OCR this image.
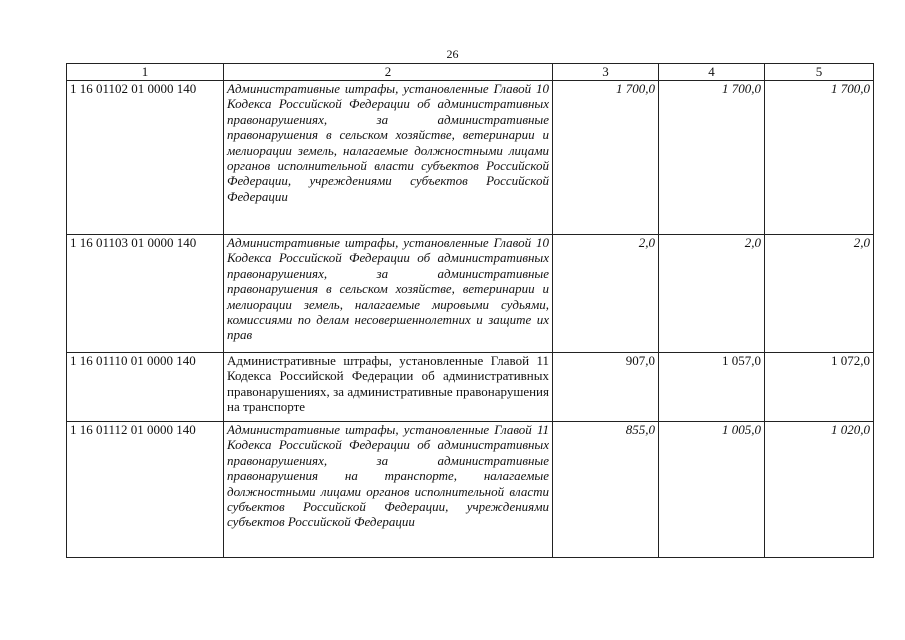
26
1	2	3	4	5
1 16 01102 01 0000 140	Административные штрафы, установленные Главой 10 Кодекса Российской Федерации об административных правонарушениях, за административные правонарушения в сельском хозяйстве, ветеринарии и мелиорации земель, налагаемые должностными лицами органов исполнительной власти субъектов Российской Федерации, учреждениями субъектов Российской Федерации	1 700,0	1 700,0	1 700,0
1 16 01103 01 0000 140	Административные штрафы, установленные Главой 10 Кодекса Российской Федерации об административных правонарушениях, за административные правонарушения в сельском хозяйстве, ветеринарии и мелиорации земель, налагаемые мировыми судьями, комиссиями по делам несовершеннолетних и защите их прав	2,0	2,0	2,0
1 16 01110 01 0000 140	Административные штрафы, установленные Главой 11 Кодекса Российской Федерации об административных правонарушениях, за административные правонарушения на транспорте	907,0	1 057,0	1 072,0
1 16 01112 01 0000 140	Административные штрафы, установленные Главой 11 Кодекса Российской Федерации об административных правонарушениях, за административные правонарушения на транспорте, налагаемые должностными лицами органов исполнительной власти субъектов Российской Федерации, учреждениями субъектов Российской Федерации	855,0	1 005,0	1 020,0
